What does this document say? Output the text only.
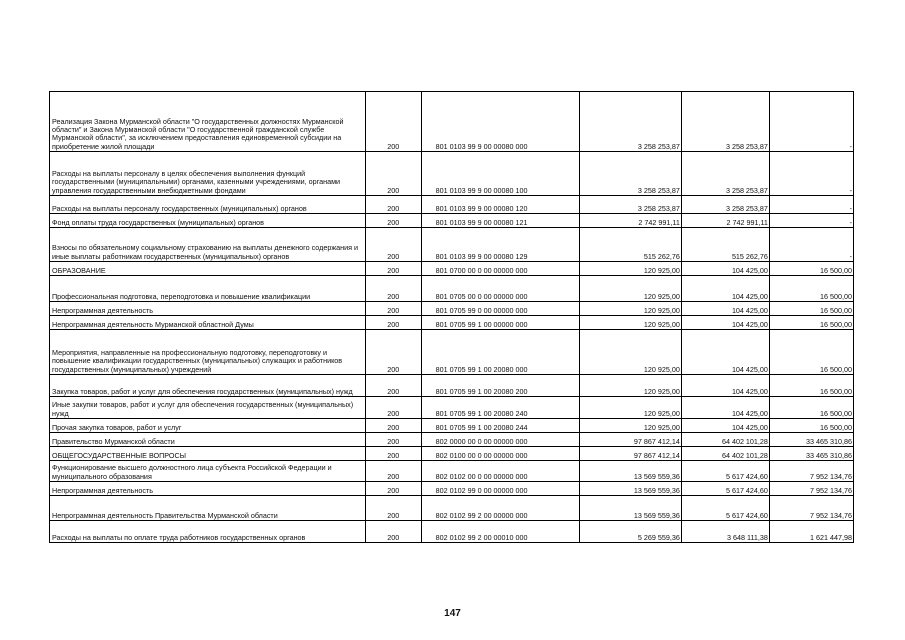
Реализация Закона Мурманской области "О государственных должностях Мурманской области" и Закона Мурманской области "О государственной гражданской службе Мурманской области", за исключением предоставления единовременной субсидии на приобретение жилой площади	200	801 0103 99 9 00 00080 000	3 258 253,87	3 258 253,87	-
Расходы на выплаты персоналу в целях обеспечения выполнения функций государственными (муниципальными) органами, казенными учреждениями, органами управления государственными внебюджетными фондами	200	801 0103 99 9 00 00080 100	3 258 253,87	3 258 253,87	-
Расходы на выплаты персоналу государственных (муниципальных) органов	200	801 0103 99 9 00 00080 120	3 258 253,87	3 258 253,87	-
Фонд оплаты труда государственных (муниципальных) органов	200	801 0103 99 9 00 00080 121	2 742 991,11	2 742 991,11	-
Взносы по обязательному социальному страхованию на выплаты денежного содержания и иные выплаты работникам государственных (муниципальных) органов	200	801 0103 99 9 00 00080 129	515 262,76	515 262,76	-
ОБРАЗОВАНИЕ	200	801 0700 00 0 00 00000 000	120 925,00	104 425,00	16 500,00
Профессиональная подготовка, переподготовка и повышение квалификации	200	801 0705 00 0 00 00000 000	120 925,00	104 425,00	16 500,00
Непрограммная деятельность	200	801 0705 99 0 00 00000 000	120 925,00	104 425,00	16 500,00
Непрограммная деятельность Мурманской областной Думы	200	801 0705 99 1 00 00000 000	120 925,00	104 425,00	16 500,00
Мероприятия, направленные на профессиональную подготовку, переподготовку и повышение квалификации государственных (муниципальных) служащих и работников государственных (муниципальных) учреждений	200	801 0705 99 1 00 20080 000	120 925,00	104 425,00	16 500,00
Закупка товаров, работ и услуг для обеспечения государственных (муниципальных) нужд	200	801 0705 99 1 00 20080 200	120 925,00	104 425,00	16 500,00
Иные закупки товаров, работ и услуг для обеспечения государственных (муниципальных) нужд	200	801 0705 99 1 00 20080 240	120 925,00	104 425,00	16 500,00
Прочая закупка товаров, работ и услуг	200	801 0705 99 1 00 20080 244	120 925,00	104 425,00	16 500,00
Правительство Мурманской области	200	802 0000 00 0 00 00000 000	97 867 412,14	64 402 101,28	33 465 310,86
ОБЩЕГОСУДАРСТВЕННЫЕ ВОПРОСЫ	200	802 0100 00 0 00 00000 000	97 867 412,14	64 402 101,28	33 465 310,86
Функционирование высшего должностного лица субъекта Российской Федерации и муниципального образования	200	802 0102 00 0 00 00000 000	13 569 559,36	5 617 424,60	7 952 134,76
Непрограммная деятельность	200	802 0102 99 0 00 00000 000	13 569 559,36	5 617 424,60	7 952 134,76
Непрограммная деятельность Правительства Мурманской области	200	802 0102 99 2 00 00000 000	13 569 559,36	5 617 424,60	7 952 134,76
Расходы на выплаты по оплате труда работников государственных органов	200	802 0102 99 2 00 00010 000	5 269 559,36	3 648 111,38	1 621 447,98
147
